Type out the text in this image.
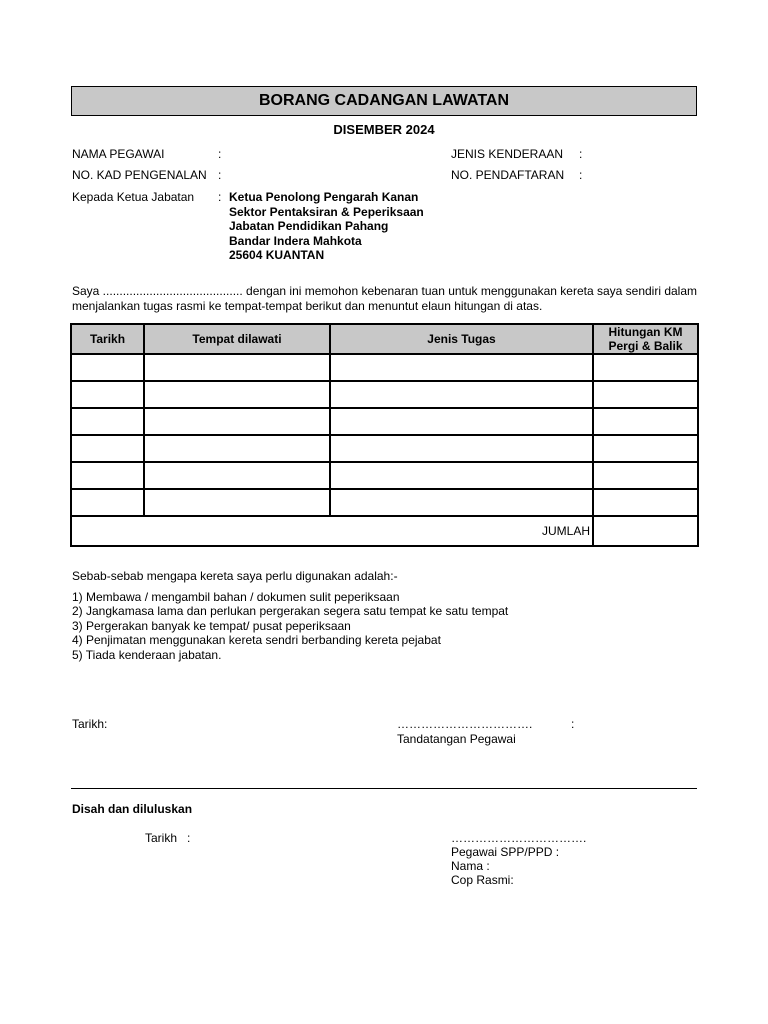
BORANG CADANGAN LAWATAN
DISEMBER 2024
NAMA PEGAWAI	:	JENIS KENDERAAN :
NO. KAD PENGENALAN :	NO. PENDAFTARAN :
Kepada Ketua Jabatan : Ketua Penolong Pengarah Kanan
Sektor Pentaksiran & Peperiksaan
Jabatan Pendidikan Pahang
Bandar Indera Mahkota
25604 KUANTAN
Saya .......................................... dengan ini memohon kebenaran tuan untuk menggunakan kereta saya sendiri dalam menjalankan tugas rasmi ke tempat-tempat berikut dan menuntut elaun hitungan di atas.
Tarikh	Tempat dilawati	Jenis Tugas	Hitungan KM
Pergi & Balik

JUMLAH			
Sebab-sebab mengapa kereta saya perlu digunakan adalah:-
1) Membawa / mengambil bahan / dokumen sulit peperiksaan
2) Jangkamasa lama dan perlukan pergerakan segera satu tempat ke satu tempat
3) Pergerakan banyak ke tempat/ pusat peperiksaan
4) Penjimatan menggunakan kereta sendri berbanding kereta pejabat
5) Tiada kenderaan jabatan.
Tarikh:	…………………………….	:
Tandatangan Pegawai
Disah dan diluluskan
Tarikh :	…………………………….
Pegawai SPP/PPD :
Nama :
Cop Rasmi:
